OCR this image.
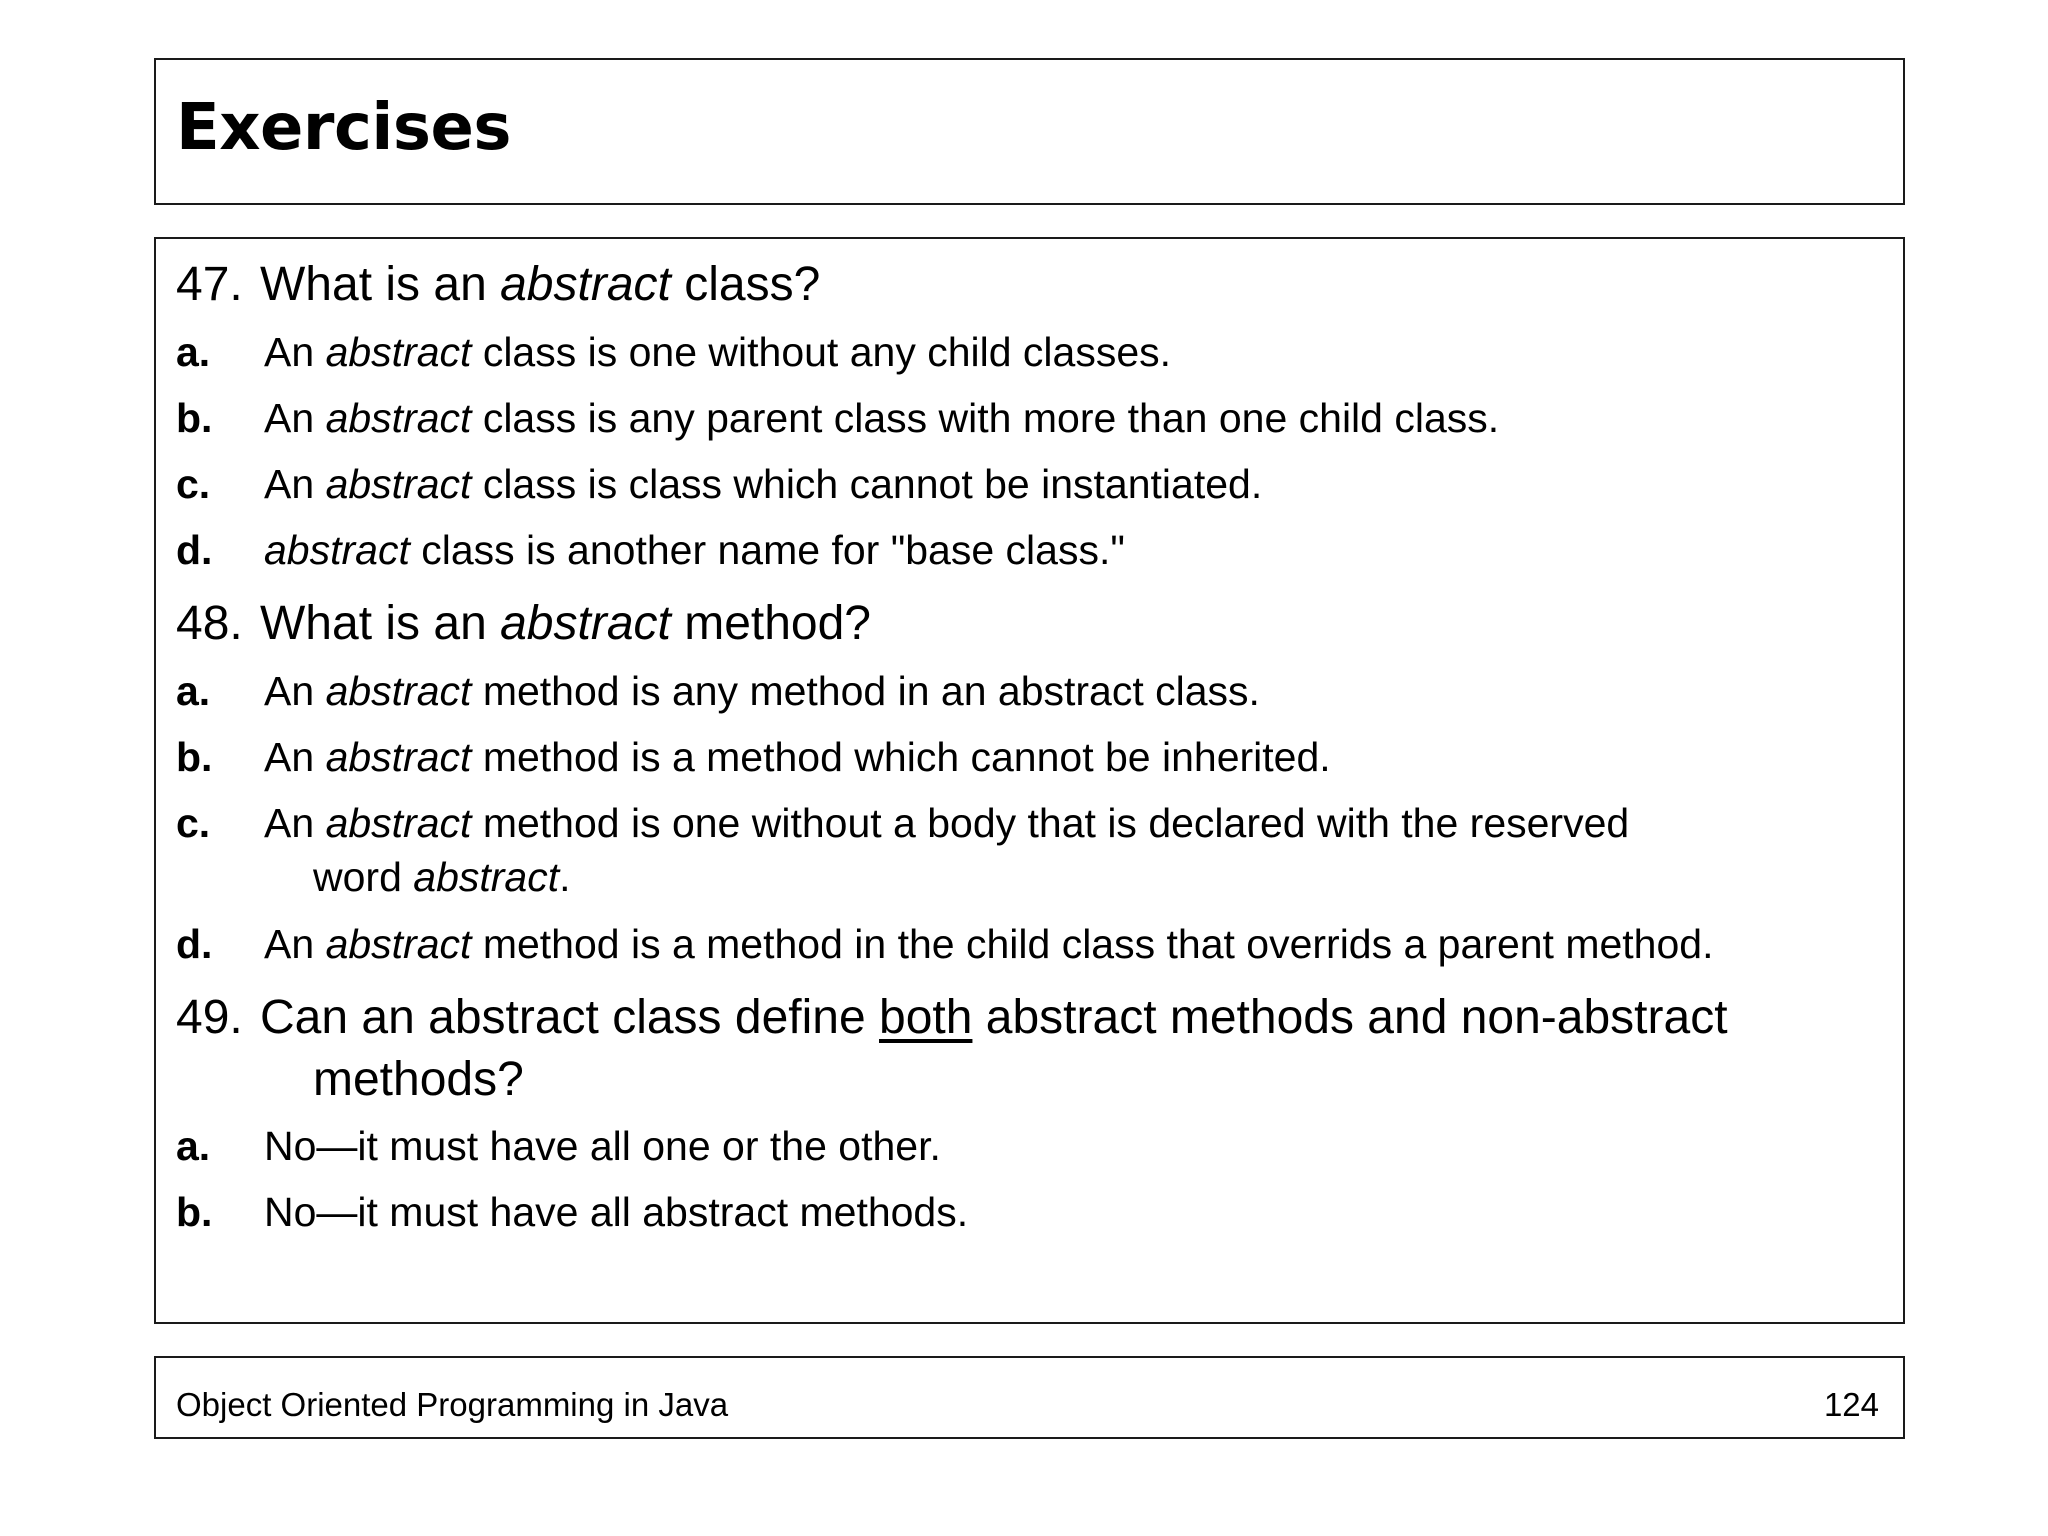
Exercises
47. What is an abstract class?
a. An abstract class is one without any child classes.
b. An abstract class is any parent class with more than one child class.
c. An abstract class is class which cannot be instantiated.
d. abstract class is another name for "base class."
48. What is an abstract method?
a. An abstract method is any method in an abstract class.
b. An abstract method is a method which cannot be inherited.
c. An abstract method is one without a body that is declared with the reserved
word abstract.
d. An abstract method is a method in the child class that overrids a parent method.
49. Can an abstract class define both abstract methods and non-abstract
methods?
a. No—it must have all one or the other.
b. No—it must have all abstract methods.
Object Oriented Programming in Java	124
